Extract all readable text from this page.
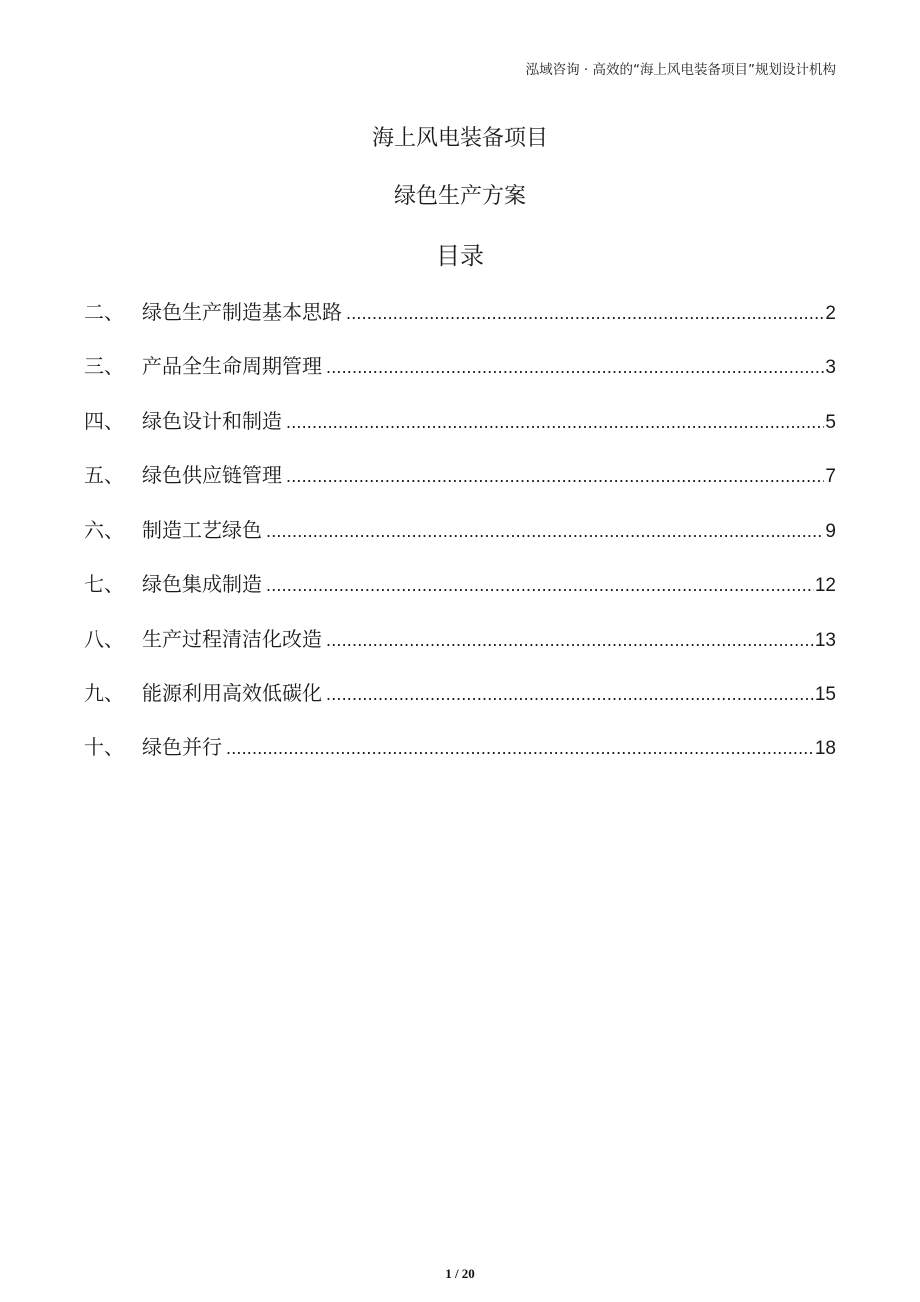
泓域咨询 · 高效的“海上风电装备项目”规划设计机构
海上风电装备项目
绿色生产方案
目录
二、 绿色生产制造基本思路 .....	2
三、 产品全生命周期管理 .....	3
四、 绿色设计和制造 .....	5
五、 绿色供应链管理 .....	7
六、 制造工艺绿色 .....	9
七、 绿色集成制造 .....	12
八、 生产过程清洁化改造 .....	13
九、 能源利用高效低碳化 .....	15
十、 绿色并行 .....	18
1 / 20
